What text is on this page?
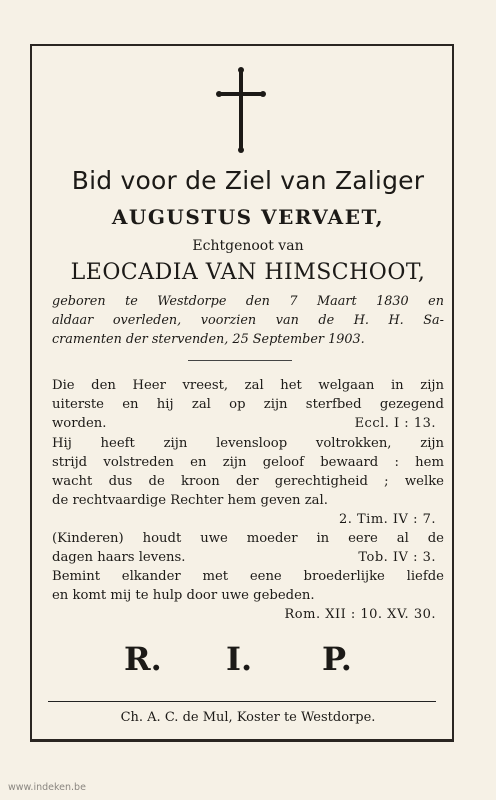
Bid voor de Ziel van Zaliger
AUGUSTUS VERVAET,
Echtgenoot van
LEOCADIA VAN HIMSCHOOT,
geboren te Westdorpe den 7 Maart 1830 en
aldaar overleden, voorzien van de H. H. Sa-
cramenten der stervenden, 25 September 1903.
Die den Heer vreest, zal het welgaan in zijn
uiterste en hij zal op zijn sterfbed gezegend
worden.	Eccl. I : 13.
Hij heeft zijn levensloop voltrokken, zijn
strijd volstreden en zijn geloof bewaard : hem
wacht dus de kroon der gerechtigheid ; welke
de rechtvaardige Rechter hem geven zal.
2. Tim. IV : 7.
(Kinderen) houdt uwe moeder in eere al de
dagen haars levens.	Tob. IV : 3.
Bemint elkander met eene broederlijke liefde
en komt mij te hulp door uwe gebeden.
Rom. XII : 10. XV. 30.
R. I. P.
Ch. A. C. de Mul, Koster te Westdorpe.
www.indeken.be
